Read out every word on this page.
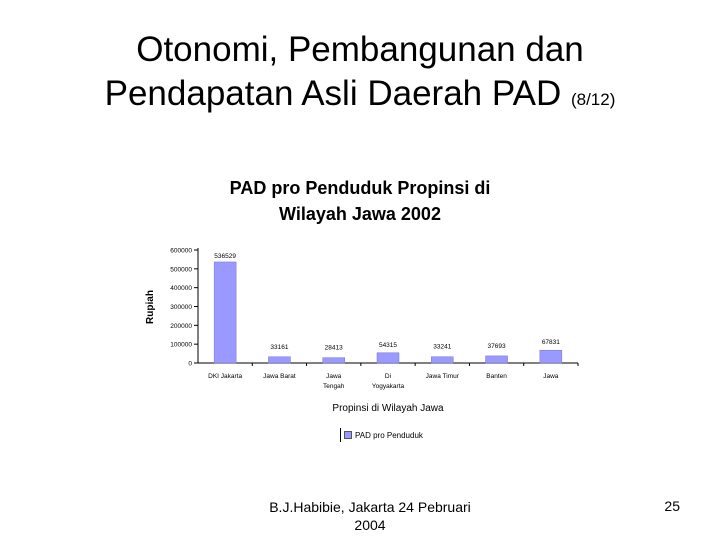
Otonomi, Pembangunan dan
Pendapatan Asli Daerah PAD (8/12)
PAD pro Penduduk Propinsi di
Wilayah Jawa 2002
0
100000
200000
300000
400000
500000
600000
Rupiah
536529
DKI Jakarta
33161
Jawa Barat
28413
Jawa
Tengah
54315
Di
Yogyakarta
33241
Jawa Timur
37693
Banten
67831
Jawa
Propinsi di Wilayah Jawa
PAD pro Penduduk
B.J.Habibie, Jakarta 24 Pebruari
2004
25
